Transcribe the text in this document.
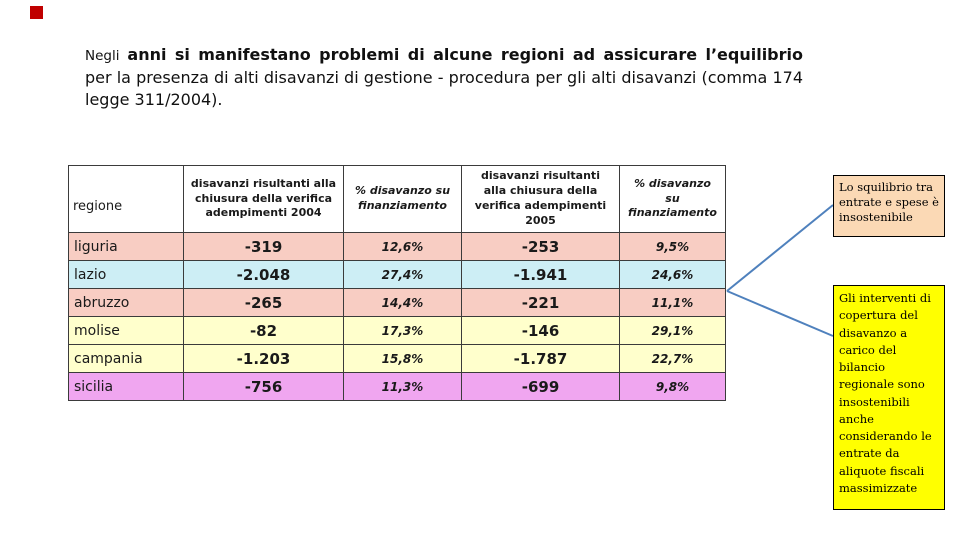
Negli anni si manifestano problemi di alcune regioni ad assicurare l’equilibrio per la presenza di alti disavanzi di gestione - procedura per gli alti disavanzi (comma 174 legge 311/2004).

regione	disavanzi risultanti alla chiusura della verifica adempimenti 2004	% disavanzo su finanziamento	disavanzi risultanti alla chiusura della verifica adempimenti 2005	% disavanzo su finanziamento
liguria	-319	12,6%	-253	9,5%
lazio	-2.048	27,4%	-1.941	24,6%
abruzzo	-265	14,4%	-221	11,1%
molise	-82	17,3%	-146	29,1%
campania	-1.203	15,8%	-1.787	22,7%
sicilia	-756	11,3%	-699	9,8%
Lo squilibrio tra entrate e spese è insostenibile
Gli interventi di copertura del disavanzo a carico del bilancio regionale sono insostenibili anche considerando le entrate da aliquote fiscali massimizzate
